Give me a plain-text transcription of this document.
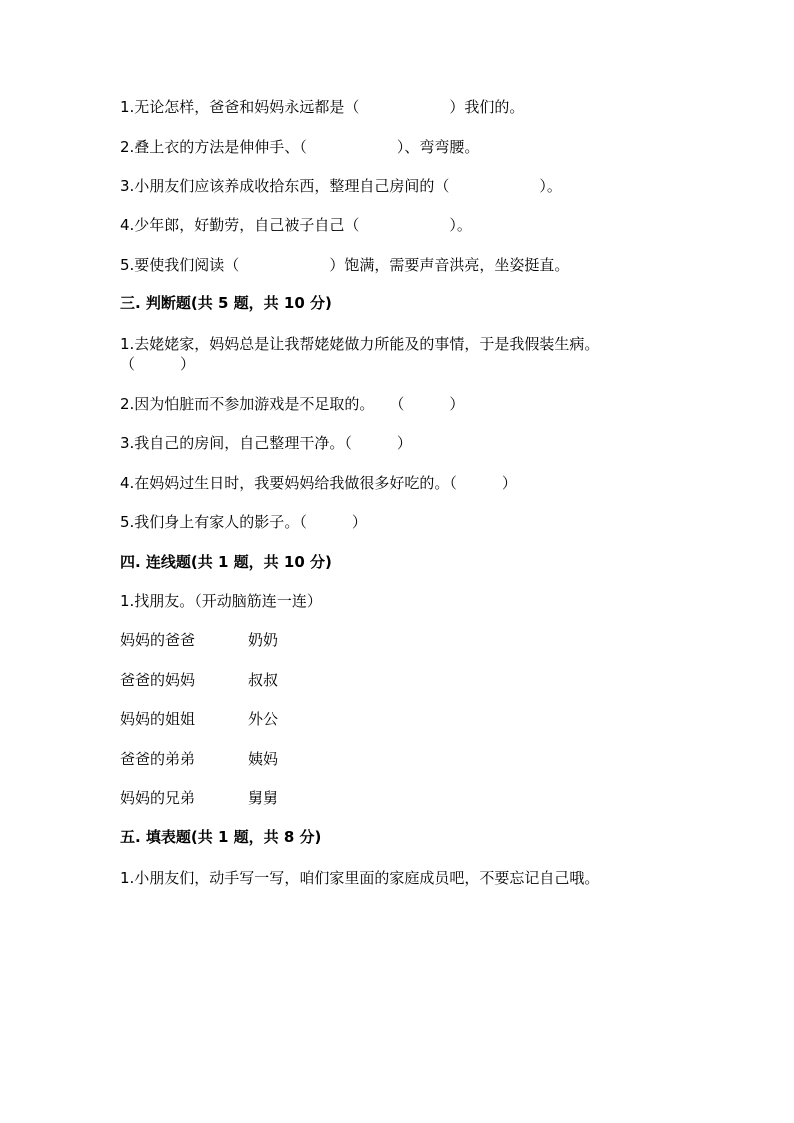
1.无论怎样，爸爸和妈妈永远都是（　　　　　　）我们的。
2.叠上衣的方法是伸伸手、（　　　　　　）、弯弯腰。
3.小朋友们应该养成收拾东西，整理自己房间的（　　　　　　）。
4.少年郎，好勤劳，自己被子自己（　　　　　　）。
5.要使我们阅读（　　　　　　）饱满，需要声音洪亮，坐姿挺直。
三. 判断题(共 5 题，共 10 分)
1.去姥姥家，妈妈总是让我帮姥姥做力所能及的事情，于是我假装生病。
（　　　）
2.因为怕脏而不参加游戏是不足取的。　　（　　　）
3.我自己的房间，自己整理干净。（　　　）
4.在妈妈过生日时，我要妈妈给我做很多好吃的。（　　　）
5.我们身上有家人的影子。（　　　）
四. 连线题(共 1 题，共 10 分)
1.找朋友。（开动脑筋连一连）
妈妈的爸爸	奶奶
爸爸的妈妈	叔叔
妈妈的姐姐	外公
爸爸的弟弟	姨妈
妈妈的兄弟	舅舅
五. 填表题(共 1 题，共 8 分)
1.小朋友们，动手写一写，咱们家里面的家庭成员吧，不要忘记自己哦。
